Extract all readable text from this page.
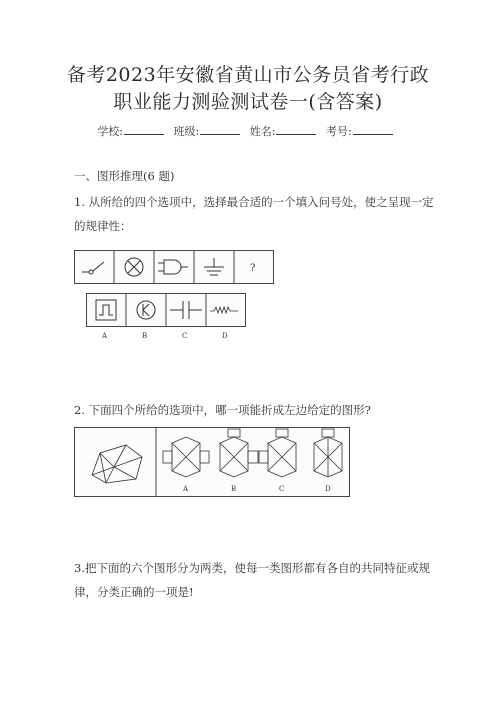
备考2023年安徽省黄山市公务员省考行政
职业能力测验测试卷一(含答案)
学校:	班级:	姓名:	考号:
一、图形推理(6 题)
1. 从所给的四个选项中，选择最合适的一个填入问号处，使之呈现一定
的规律性：
?
A	B	C	D
2. 下面四个所给的选项中，哪一项能折成左边给定的图形?
A	B	C	D
3.把下面的六个图形分为两类，使每一类图形都有各自的共同特征或规
律，分类正确的一项是!
